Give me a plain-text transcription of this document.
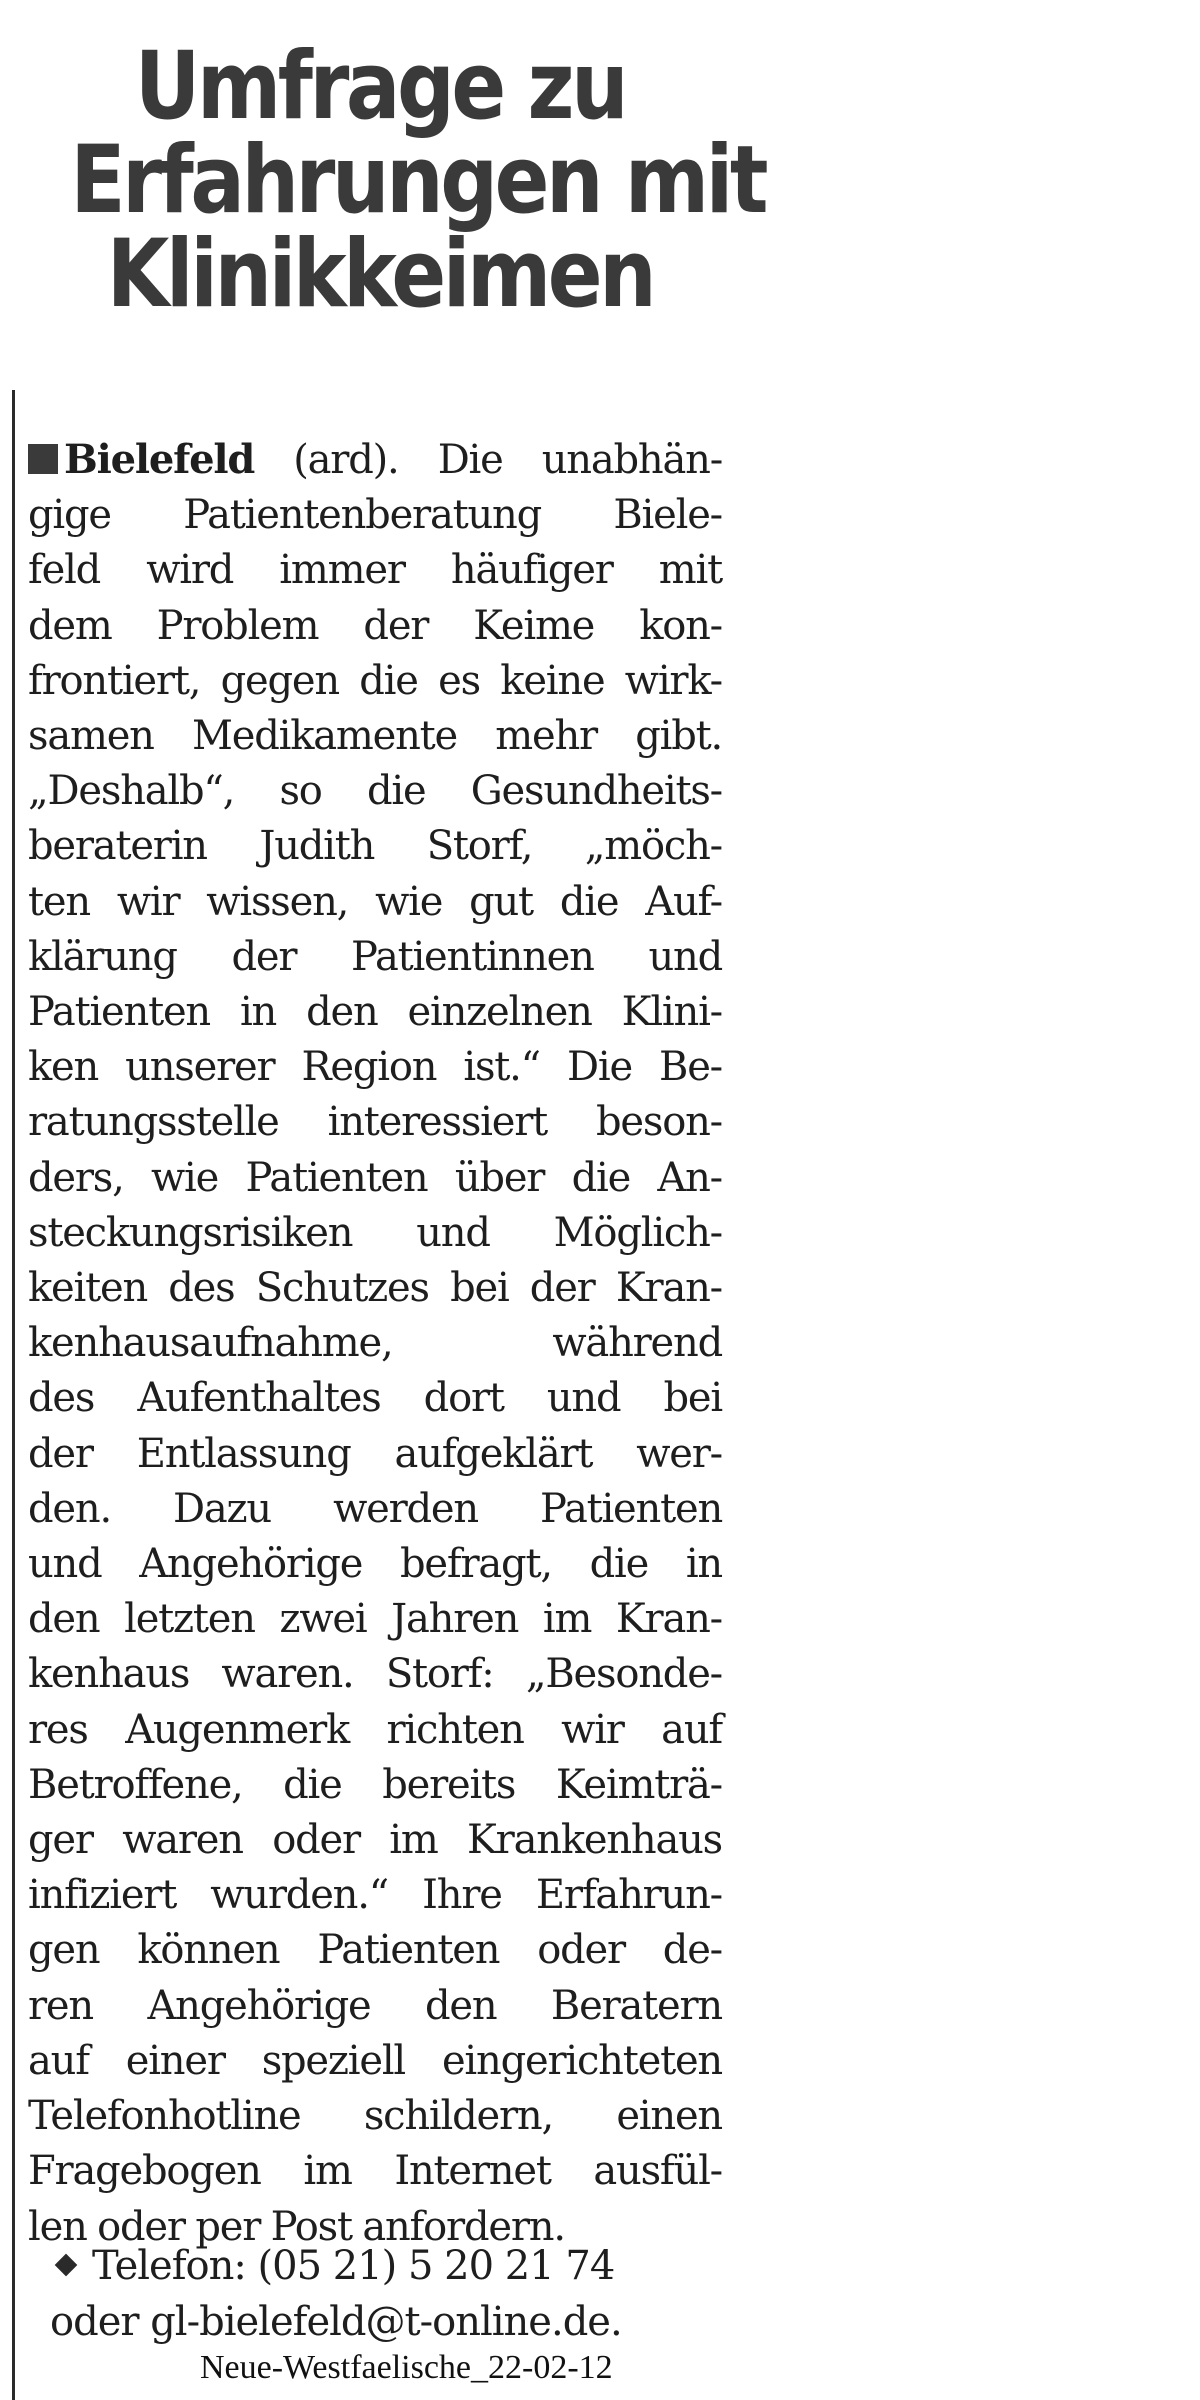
Umfrage zu
Erfahrungen mit
Klinikkeimen
Bielefeld (ard). Die unabhän-
gige Patientenberatung Biele-
feld wird immer häufiger mit
dem Problem der Keime kon-
frontiert, gegen die es keine wirk-
samen Medikamente mehr gibt.
„Deshalb“, so die Gesundheits-
beraterin Judith Storf, „möch-
ten wir wissen, wie gut die Auf-
klärung der Patientinnen und
Patienten in den einzelnen Klini-
ken unserer Region ist.“ Die Be-
ratungsstelle interessiert beson-
ders, wie Patienten über die An-
steckungsrisiken und Möglich-
keiten des Schutzes bei der Kran-
kenhausaufnahme, während
des Aufenthaltes dort und bei
der Entlassung aufgeklärt wer-
den. Dazu werden Patienten
und Angehörige befragt, die in
den letzten zwei Jahren im Kran-
kenhaus waren. Storf: „Besonde-
res Augenmerk richten wir auf
Betroffene, die bereits Keimträ-
ger waren oder im Krankenhaus
infiziert wurden.“ Ihre Erfahrun-
gen können Patienten oder de-
ren Angehörige den Beratern
auf einer speziell eingerichteten
Telefonhotline schildern, einen
Fragebogen im Internet ausfül-
len oder per Post anfordern.
Telefon: (05 21) 5 20 21 74
oder gl-bielefeld@t-online.de.
Neue-Westfaelische_22-02-12
